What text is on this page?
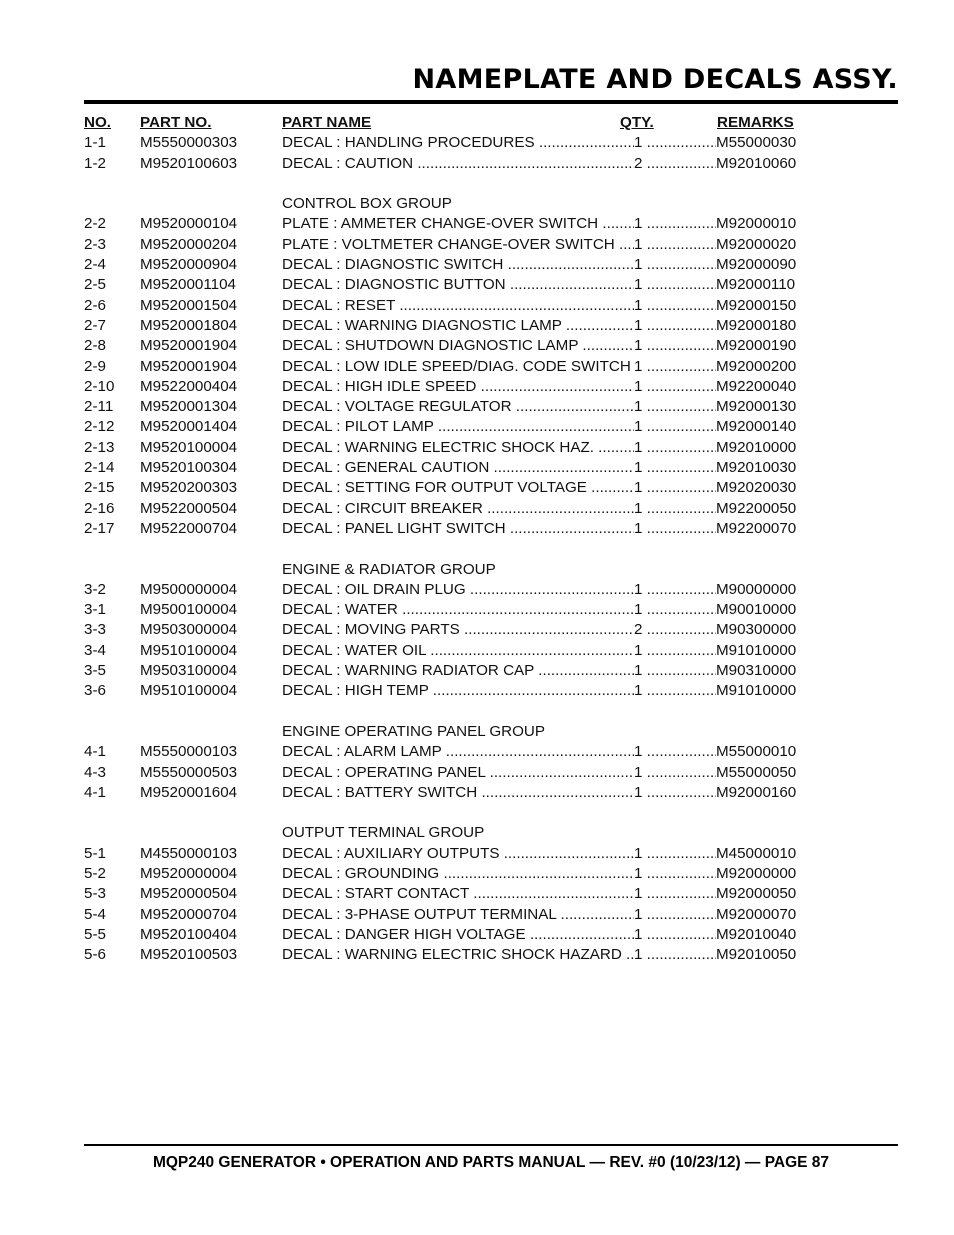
NAMEPLATE AND DECALS ASSY.
NO. PART NO.	PART NAME	QTY.	REMARKS
1-1 M5550000303	DECAL : HANDLING PROCEDURES .....	1 .....	M55000030
1-2 M9520100603	DECAL : CAUTION .....	2 .....	M92010060
CONTROL BOX GROUP
2-2 M9520000104	PLATE : AMMETER CHANGE-OVER SWITCH .....	1 .....	M92000010
2-3 M9520000204	PLATE : VOLTMETER CHANGE-OVER SWITCH .....	1 .....	M92000020
2-4 M9520000904	DECAL : DIAGNOSTIC SWITCH .....	1 .....	M92000090
2-5 M9520001104	DECAL : DIAGNOSTIC BUTTON .....	1 .....	M92000110
2-6 M9520001504	DECAL : RESET .....	1 .....	M92000150
2-7 M9520001804	DECAL : WARNING DIAGNOSTIC LAMP .....	1 .....	M92000180
2-8 M9520001904	DECAL : SHUTDOWN DIAGNOSTIC LAMP .....	1 .....	M92000190
2-9 M9520001904	DECAL : LOW IDLE SPEED/DIAG. CODE SWITCH ..... 1 .....	M92000200
2-10 M9522000404	DECAL : HIGH IDLE SPEED .....	1 .....	M92200040
2-11 M9520001304	DECAL : VOLTAGE REGULATOR .....	1 .....	M92000130
2-12 M9520001404	DECAL : PILOT LAMP .....	1 .....	M92000140
2-13 M9520100004	DECAL : WARNING ELECTRIC SHOCK HAZ. .....	1 .....	M92010000
2-14 M9520100304	DECAL : GENERAL CAUTION .....	1 .....	M92010030
2-15 M9520200303	DECAL : SETTING FOR OUTPUT VOLTAGE .....	1 .....	M92020030
2-16 M9522000504	DECAL : CIRCUIT BREAKER .....	1 .....	M92200050
2-17 M9522000704	DECAL : PANEL LIGHT SWITCH .....	1 .....	M92200070
ENGINE & RADIATOR GROUP
3-2 M9500000004	DECAL : OIL DRAIN PLUG .....	1 .....	M90000000
3-1 M9500100004	DECAL : WATER .....	1 .....	M90010000
3-3 M9503000004	DECAL : MOVING PARTS .....	2 .....	M90300000
3-4 M9510100004	DECAL : WATER OIL .....	1 .....	M91010000
3-5 M9503100004	DECAL : WARNING RADIATOR CAP .....	1 .....	M90310000
3-6 M9510100004	DECAL : HIGH TEMP .....	1 .....	M91010000
ENGINE OPERATING PANEL GROUP
4-1 M5550000103	DECAL : ALARM LAMP .....	1 .....	M55000010
4-3 M5550000503	DECAL : OPERATING PANEL .....	1 .....	M55000050
4-1 M9520001604	DECAL : BATTERY SWITCH .....	1 .....	M92000160
OUTPUT TERMINAL GROUP
5-1 M4550000103	DECAL : AUXILIARY OUTPUTS .....	1 .....	M45000010
5-2 M9520000004	DECAL : GROUNDING .....	1 .....	M92000000
5-3 M9520000504	DECAL : START CONTACT .....	1 .....	M92000050
5-4 M9520000704	DECAL : 3-PHASE OUTPUT TERMINAL .....	1 .....	M92000070
5-5 M9520100404	DECAL : DANGER HIGH VOLTAGE .....	1 .....	M92010040
5-6 M9520100503	DECAL : WARNING ELECTRIC SHOCK HAZARD ..... 1 .....	M92010050

MQP240 GENERATOR • OPERATION AND PARTS MANUAL — REV. #0 (10/23/12) — PAGE 87
